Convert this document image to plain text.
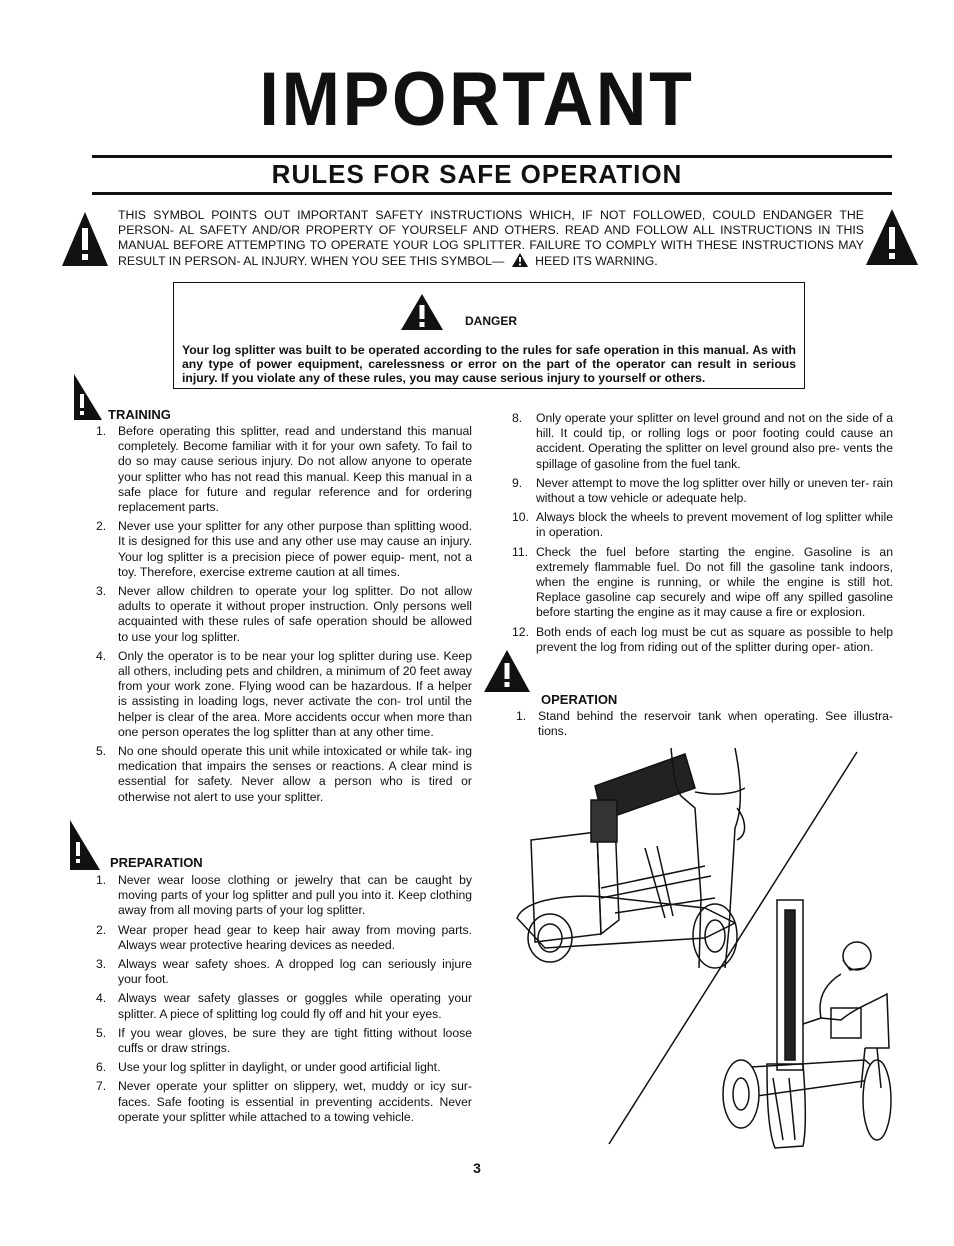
IMPORTANT
RULES FOR SAFE OPERATION
THIS SYMBOL POINTS OUT IMPORTANT SAFETY INSTRUCTIONS WHICH, IF NOT FOLLOWED, COULD ENDANGER THE PERSON- AL SAFETY AND/OR PROPERTY OF YOURSELF AND OTHERS. READ AND FOLLOW ALL INSTRUCTIONS IN THIS MANUAL BEFORE ATTEMPTING TO OPERATE YOUR LOG SPLITTER. FAILURE TO COMPLY WITH THESE INSTRUCTIONS MAY RESULT IN PERSON- AL INJURY. WHEN YOU SEE THIS SYMBOL—	HEED ITS WARNING.
DANGER
Your log splitter was built to be operated according to the rules for safe operation in this manual. As with any type of power equipment, carelessness or error on the part of the operator can result in serious injury. If you violate any of these rules, you may cause serious injury to yourself or others.
TRAINING
1. Before operating this splitter, read and understand this manual completely. Become familiar with it for your own safety. To fail to do so may cause serious injury. Do not allow anyone to operate your splitter who has not read this manual. Keep this manual in a safe place for future and regular reference and for ordering replacement parts.
2. Never use your splitter for any other purpose than splitting wood. It is designed for this use and any other use may cause an injury. Your log splitter is a precision piece of power equip- ment, not a toy. Therefore, exercise extreme caution at all times.
3. Never allow children to operate your log splitter. Do not allow adults to operate it without proper instruction. Only persons well acquainted with these rules of safe operation should be allowed to use your log splitter.
4. Only the operator is to be near your log splitter during use. Keep all others, including pets and children, a minimum of 20 feet away from your work zone. Flying wood can be hazardous. If a helper is assisting in loading logs, never activate the con- trol until the helper is clear of the area. More accidents occur when more than one person operates the log splitter than at any other time.
5. No one should operate this unit while intoxicated or while tak- ing medication that impairs the senses or reactions. A clear mind is essential for safety. Never allow a person who is tired or otherwise not alert to use your splitter.
PREPARATION
1. Never wear loose clothing or jewelry that can be caught by moving parts of your log splitter and pull you into it. Keep clothing away from all moving parts of your log splitter.
2. Wear proper head gear to keep hair away from moving parts. Always wear protective hearing devices as needed.
3. Always wear safety shoes. A dropped log can seriously injure your foot.
4. Always wear safety glasses or goggles while operating your splitter. A piece of splitting log could fly off and hit your eyes.
5. If you wear gloves, be sure they are tight fitting without loose cuffs or draw strings.
6. Use your log splitter in daylight, or under good artificial light.
7. Never operate your splitter on slippery, wet, muddy or icy sur- faces. Safe footing is essential in preventing accidents. Never operate your splitter while attached to a towing vehicle.
8. Only operate your splitter on level ground and not on the side of a hill. It could tip, or rolling logs or poor footing could cause an accident. Operating the splitter on level ground also pre- vents the spillage of gasoline from the fuel tank.
9. Never attempt to move the log splitter over hilly or uneven ter- rain without a tow vehicle or adequate help.
10. Always block the wheels to prevent movement of log splitter while in operation.
11. Check the fuel before starting the engine. Gasoline is an extremely flammable fuel. Do not fill the gasoline tank indoors, when the engine is running, or while the engine is still hot. Replace gasoline cap securely and wipe off any spilled gasoline before starting the engine as it may cause a fire or explosion.
12. Both ends of each log must be cut as square as possible to help prevent the log from riding out of the splitter during oper- ation.
OPERATION
1. Stand behind the reservoir tank when operating. See illustra- tions.
3
